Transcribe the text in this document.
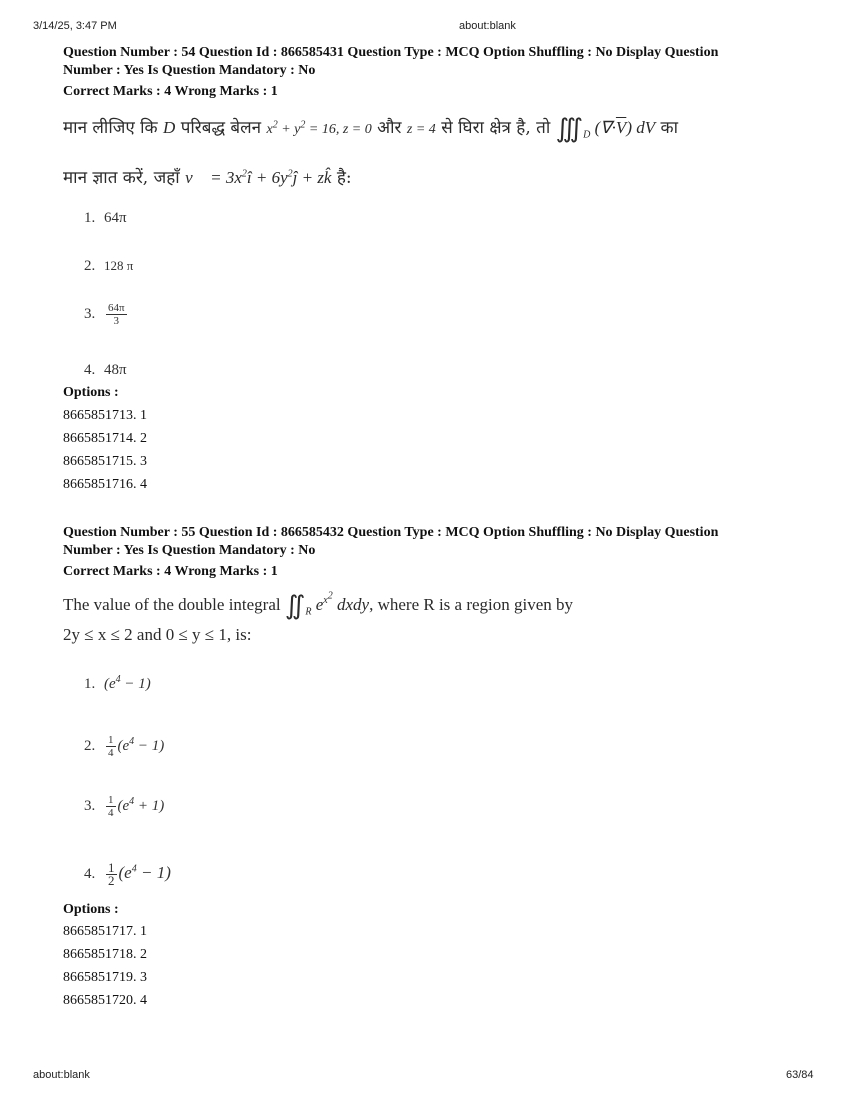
3/14/25, 3:47 PM	about:blank
Question Number : 54 Question Id : 866585431 Question Type : MCQ Option Shuffling : No Display Question
Number : Yes Is Question Mandatory : No
Correct Marks : 4 Wrong Marks : 1
मान लीजिए कि D परिबद्ध बेलन $x^2 + y^2 = 16$, z = 0 और z = 4 से घिरा क्षेत्र है, तो $∭_D$ $(\nabla\cdot\overline{V})$ dV का
मान ज्ञात करें, जहाँ v⃗ = $3x^2î$ + $6y^2ĵ$ + zk̂ है:
1. 64π
2. 128 π
3. $\frac{64\pi}{3}$
4. 48π
Options :
8665851713. 1
8665851714. 2
8665851715. 3
8665851716. 4
Question Number : 55 Question Id : 866585432 Question Type : MCQ Option Shuffling : No Display Question
Number : Yes Is Question Mandatory : No
Correct Marks : 4 Wrong Marks : 1
The value of the double integral $∬_R$ $e^{x^2}$ dxdy, where R is a region given by
2y ≤ x ≤ 2 and 0 ≤ y ≤ 1, is:
1. $(e^4 - 1)$
2. $\frac{1}{4} (e^4 - 1)$
3. $\frac{1}{4} (e^4 + 1)$
4. $\frac{1}{2} (e^4 - 1)$
Options :
8665851717. 1
8665851718. 2
8665851719. 3
8665851720. 4
about:blank	63/84
